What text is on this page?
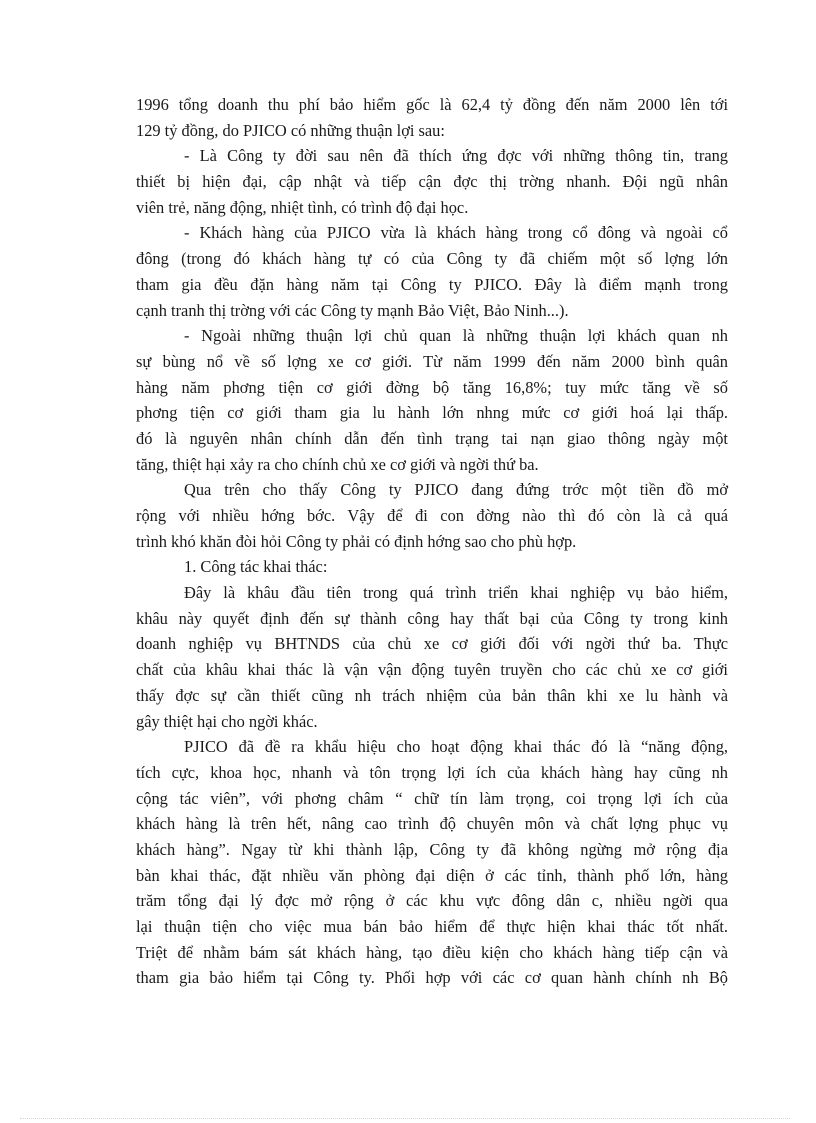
1996 tổng doanh thu phí bảo hiểm gốc là 62,4 tỷ đồng đến năm 2000 lên tới
129 tỷ đồng, do PJICO có những thuận lợi sau:
- Là Công ty đời sau nên đã thích ứng đợc với những thông tin, trang
thiết bị hiện đại, cập nhật và tiếp cận đợc thị trờng nhanh. Đội ngũ nhân
viên trẻ, năng động, nhiệt tình, có trình độ đại học.
- Khách hàng của PJICO vừa là khách hàng trong cổ đông và ngoài cổ
đông (trong đó khách hàng tự có của Công ty đã chiếm một số lợng lớn
tham gia đều đặn hàng năm tại Công ty PJICO. Đây là điểm mạnh trong
cạnh tranh thị trờng với các Công ty mạnh Bảo Việt, Bảo Ninh...).
- Ngoài những thuận lợi chủ quan là những thuận lợi khách quan nh
sự bùng nổ về số lợng xe cơ giới. Từ năm 1999 đến năm 2000 bình quân
hàng năm phơng tiện cơ giới đờng bộ tăng 16,8%; tuy mức tăng về số
phơng tiện cơ giới tham gia lu hành lớn nhng mức cơ giới hoá lại thấp.
đó là nguyên nhân chính dẫn đến tình trạng tai nạn giao thông ngày một
tăng, thiệt hại xảy ra cho chính chủ xe cơ giới và ngời thứ ba.
Qua trên cho thấy Công ty PJICO đang đứng trớc một tiền đồ mở
rộng với nhiều hớng bớc. Vậy để đi con đờng nào thì đó còn là cả quá
trình khó khăn đòi hỏi Công ty phải có định hớng sao cho phù hợp.
1. Công tác khai thác:
Đây là khâu đầu tiên trong quá trình triển khai nghiệp vụ bảo hiểm,
khâu này quyết định đến sự thành công hay thất bại của Công ty trong kinh
doanh nghiệp vụ BHTNDS của chủ xe cơ giới đối với ngời thứ ba. Thực
chất của khâu khai thác là vận vận động tuyên truyền cho các chủ xe cơ giới
thấy đợc sự cần thiết cũng nh trách nhiệm của bản thân khi xe lu hành và
gây thiệt hại cho ngời khác.
PJICO đã đề ra khẩu hiệu cho hoạt động khai thác đó là “năng động,
tích cực, khoa học, nhanh và tôn trọng lợi ích của khách hàng hay cũng nh
cộng tác viên”, với phơng châm “ chữ tín làm trọng, coi trọng lợi ích của
khách hàng là trên hết, nâng cao trình độ chuyên môn và chất lợng phục vụ
khách hàng”. Ngay từ khi thành lập, Công ty đã không ngừng mở rộng địa
bàn khai thác, đặt nhiều văn phòng đại diện ở các tỉnh, thành phố lớn, hàng
trăm tổng đại lý đợc mở rộng ở các khu vực đông dân c, nhiều ngời qua
lại thuận tiện cho việc mua bán bảo hiểm để thực hiện khai thác tốt nhất.
Triệt để nhằm bám sát khách hàng, tạo điều kiện cho khách hàng tiếp cận và
tham gia bảo hiểm tại Công ty. Phối hợp với các cơ quan hành chính nh Bộ
